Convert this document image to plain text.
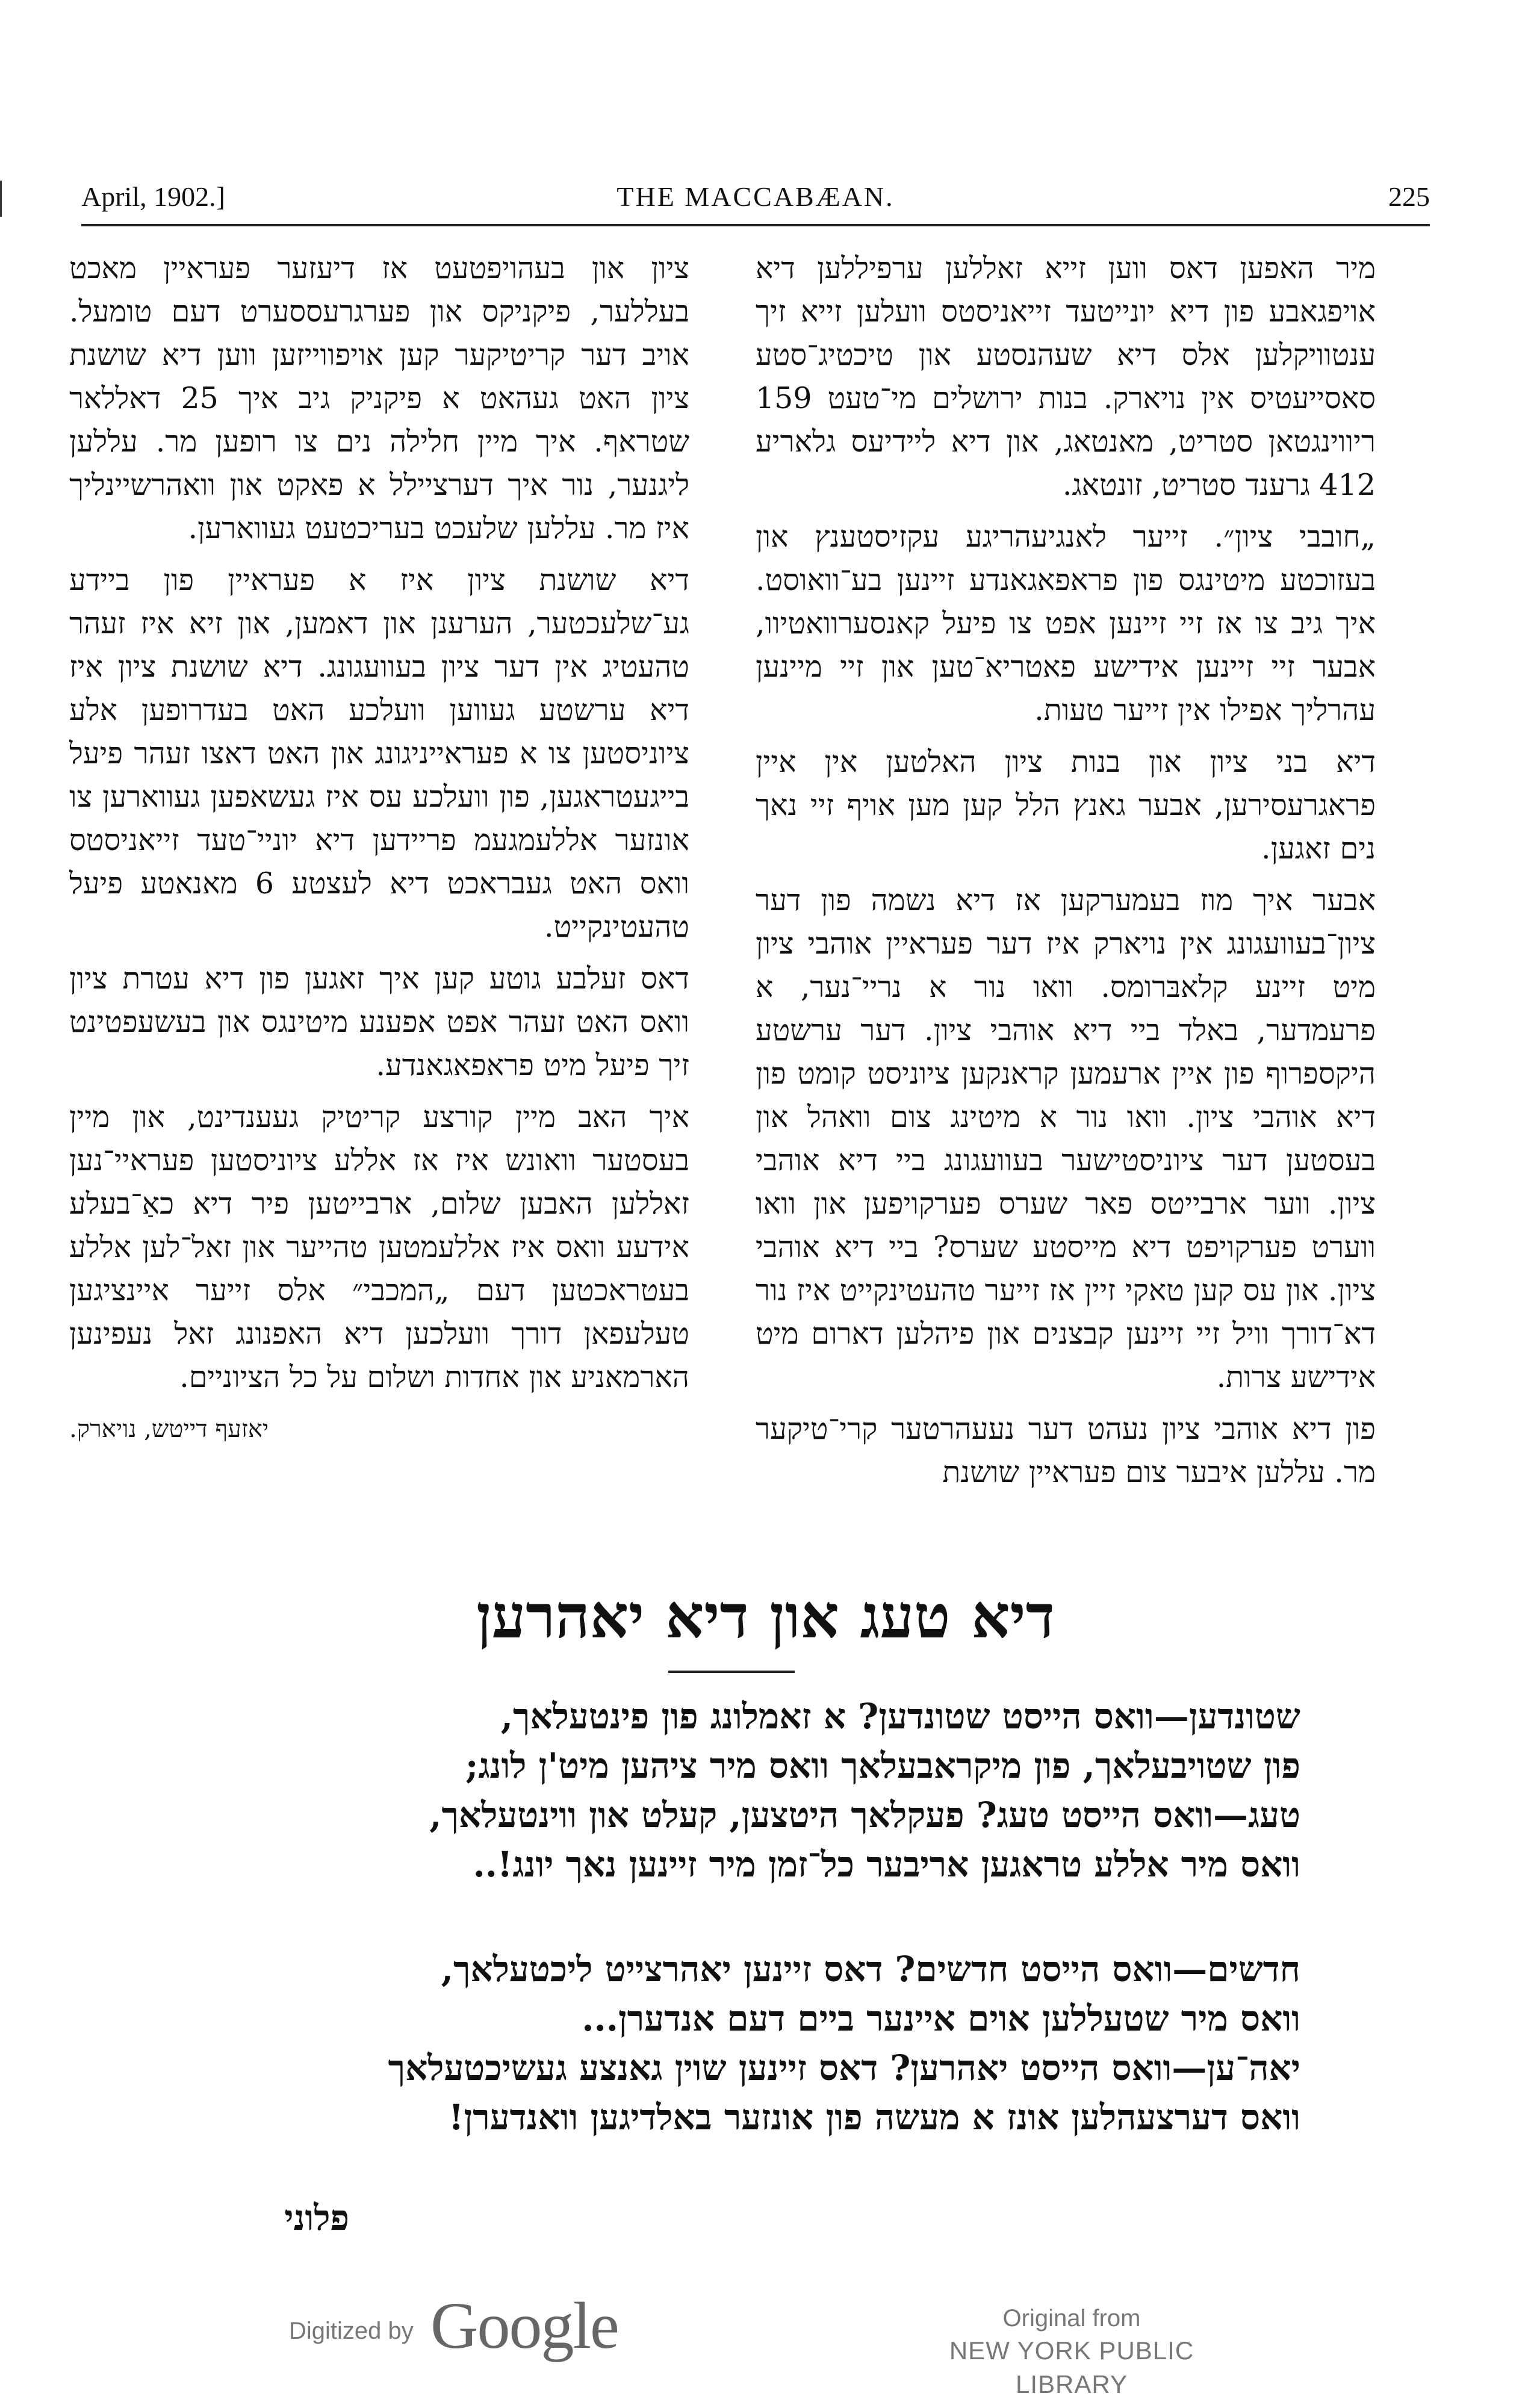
April, 1902.]	THE MACCABÆAN.	225

מיר האפען דאס ווען זייא זאללען ערפיללען דיא אויפגאבע פון דיא יונייטעד זייאניסטס וועלען זייא זיך ענטוויקלען אלס דיא שעהנסטע און טיכטיג־סטע סאסייעטיס אין נויארק. בנות ירושלים מי־טעט 159 ריווינגטאן סטריט, מאנטאג, און דיא ליידיעס גלאריע 412 גרענד סטריט, זונטאג.

„חובבי ציון״. זייער לאנגיעהריגע עקזיסטענץ און בעזוכטע מיטינגס פון פראפאגאנדע זיינען בע־וואוסט. איך גיב צו אז זיי זיינען אפט צו פיעל קאנסערוואטיוו, אבער זיי זיינען אידישע פאטריא־טען און זיי מיינען עהרליך אפילו אין זייער טעות.

דיא בני ציון און בנות ציון האלטען אין איין פראגרעסירען, אבער גאנץ הלל קען מען אויף זיי נאך נים זאגען.

אבער איך מוז בעמערקען אז דיא נשמה פון דער ציון־בעוועגונג אין נויארק איז דער פעראיין אוהבי ציון מיט זיינע קלאבּרומס. וואו נור א נריי־נער, א פרעמדער, באלד ביי דיא אוהבי ציון. דער ערשטע היקספרוף פון איין ארעמען קראנקען ציוניסט קומט פון דיא אוהבי ציון. וואו נור א מיטינג צום וואהל און בעסטען דער ציוניסטישער בעוועגונג ביי דיא אוהבי ציון. ווער ארבייטס פאר שערס פערקויפען און וואו ווערט פערקויפט דיא מייסטע שערס? ביי דיא אוהבי ציון. און עס קען טאקי זיין אז זייער טהעטינקייט איז נור דא־דורך וויל זיי זיינען קבצנים און פיהלען דארום מיט אידישע צרות.

פון דיא אוהבי ציון נעהט דער נעעהרטער קרי־טיקער מר. עללען איבער צום פעראיין שושנת

ציון און בעהויפטעט אז דיעזער פעראיין מאכט בעללער, פיקניקס און פערגרעססערט דעם טומעל. אויב דער קריטיקער קען אויפווייזען ווען דיא שושנת ציון האט געהאט א פיקניק גיב איך 25 דאללאר שטראף. איך מיין חלילה נים צו רופען מר. עללען ליגנער, נור איך דערציילל א פאקט און וואהרשיינליך איז מר. עללען שלעכט בעריכטעט געווארען.

דיא שושנת ציון איז א פעראיין פון ביידע גע־שלעכטער, הערענן און דאמען, און זיא איז זעהר טהעטיג אין דער ציון בעוועגונג. דיא שושנת ציון איז דיא ערשטע געווען וועלכע האט בעדרופען אלע ציוניסטען צו א פעראייניגונג און האט דאצו זעהר פיעל בייגעטראגען, פון וועלכע עס איז געשאפען געווארען צו אונזער אללעמגעמ פריידען דיא יוניי־טעד זייאניסטס וואס האט געבראכט דיא לעצטע 6 מאנאטע פיעל טהעטינקייט.

דאס זעלבע גוטע קען איך זאגען פון דיא עטרת ציון וואס האט זעהר אפט אפענע מיטינגס און בעשעפטינט זיך פיעל מיט פראפאגאנדע.

איך האב מיין קורצע קריטיק געענדינט, און מיין בעסטער וואונש איז אז אללע ציוניסטען פעראיי־נען זאללען האבען שלום, ארבייטען פיר דיא כאַ־בעלע אידעע וואס איז אללעמטען טהייער און זאל־לען אללע בעטראכטען דעם „המכבי״ אלס זייער איינציגען טעלעפאן דורך וועלכען דיא האפנונג זאל נעפינען הארמאניע און אחדות ושלום על כל הציוניים.

יאזעף דייטש, נויארק.
דיא טעג און דיא יאהרען
שטונדען—וואס הייסט שטונדען? א זאמלונג פון פינטעלאך,
פון שטויבעלאך, פון מיקראבעלאך וואס מיר ציהען מיט'ן לונג;
טעג—וואס הייסט טעג? פעקלאך היטצען, קעלט און ווינטעלאך,
וואס מיר אללע טראגען אריבער כל־זמן מיר זיינען נאך יונג!..
חדשים—וואס הייסט חדשים? דאס זיינען יאהרצייט ליכטעלאך,
וואס מיר שטעללען אוים איינער ביים דעם אנדערן...
יאה־ען—וואס הייסט יאהרען? דאס זיינען שוין גאנצע געשיכטעלאך
וואס דערצעהלען אונז א מעשה פון אונזער באלדיגען וואנדערן!
פלוני
Digitized by Google	Original from
NEW YORK PUBLIC LIBRARY
